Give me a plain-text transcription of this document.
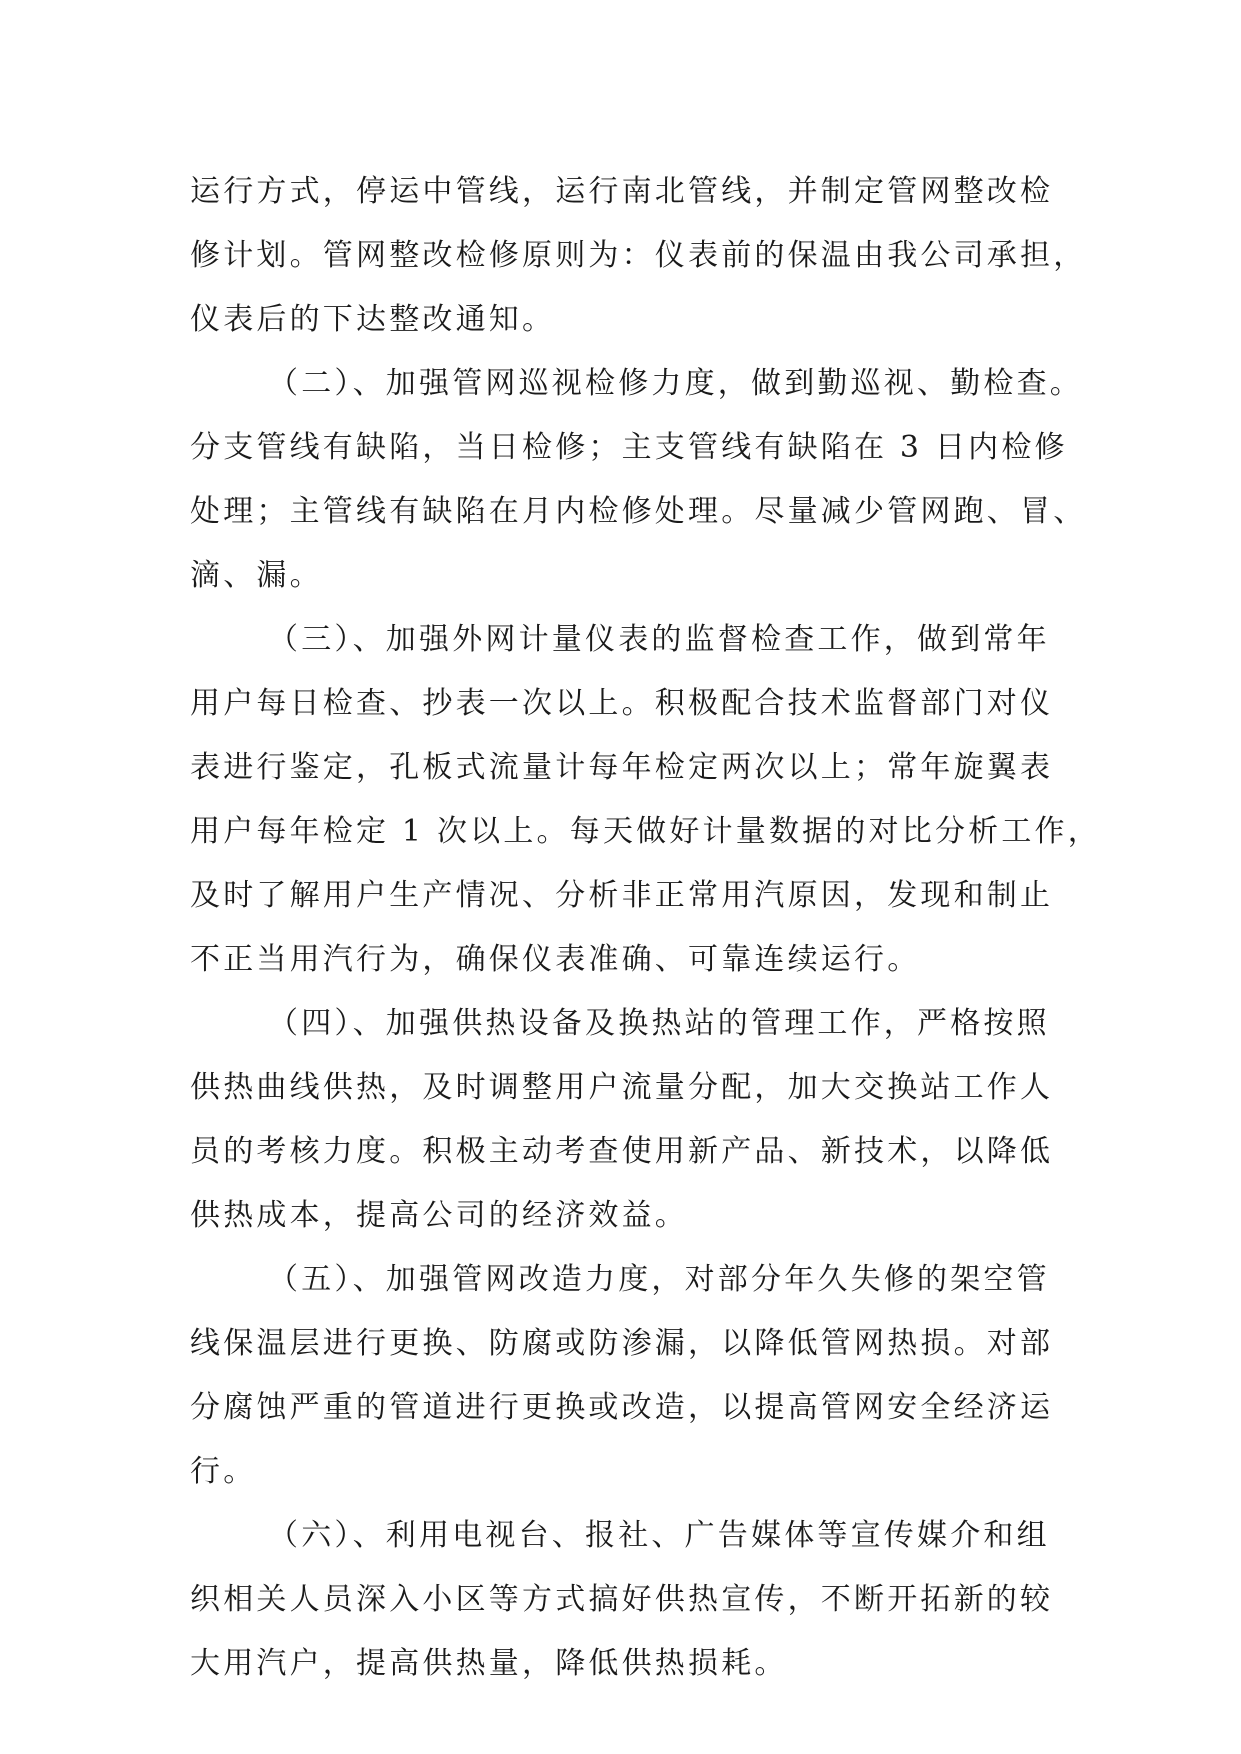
运行方式，停运中管线，运行南北管线，并制定管网整改检
修计划。管网整改检修原则为：仪表前的保温由我公司承担，
仪表后的下达整改通知。

（二）、加强管网巡视检修力度，做到勤巡视、勤检查。
分支管线有缺陷，当日检修；主支管线有缺陷在 3 日内检修
处理；主管线有缺陷在月内检修处理。尽量减少管网跑、冒、
滴、漏。

（三）、加强外网计量仪表的监督检查工作，做到常年
用户每日检查、抄表一次以上。积极配合技术监督部门对仪
表进行鉴定，孔板式流量计每年检定两次以上；常年旋翼表
用户每年检定 1 次以上。每天做好计量数据的对比分析工作，
及时了解用户生产情况、分析非正常用汽原因，发现和制止
不正当用汽行为，确保仪表准确、可靠连续运行。

（四）、加强供热设备及换热站的管理工作，严格按照
供热曲线供热，及时调整用户流量分配，加大交换站工作人
员的考核力度。积极主动考查使用新产品、新技术，以降低
供热成本，提高公司的经济效益。

（五）、加强管网改造力度，对部分年久失修的架空管
线保温层进行更换、防腐或防渗漏，以降低管网热损。对部
分腐蚀严重的管道进行更换或改造，以提高管网安全经济运
行。

（六）、利用电视台、报社、广告媒体等宣传媒介和组
织相关人员深入小区等方式搞好供热宣传，不断开拓新的较
大用汽户，提高供热量，降低供热损耗。
